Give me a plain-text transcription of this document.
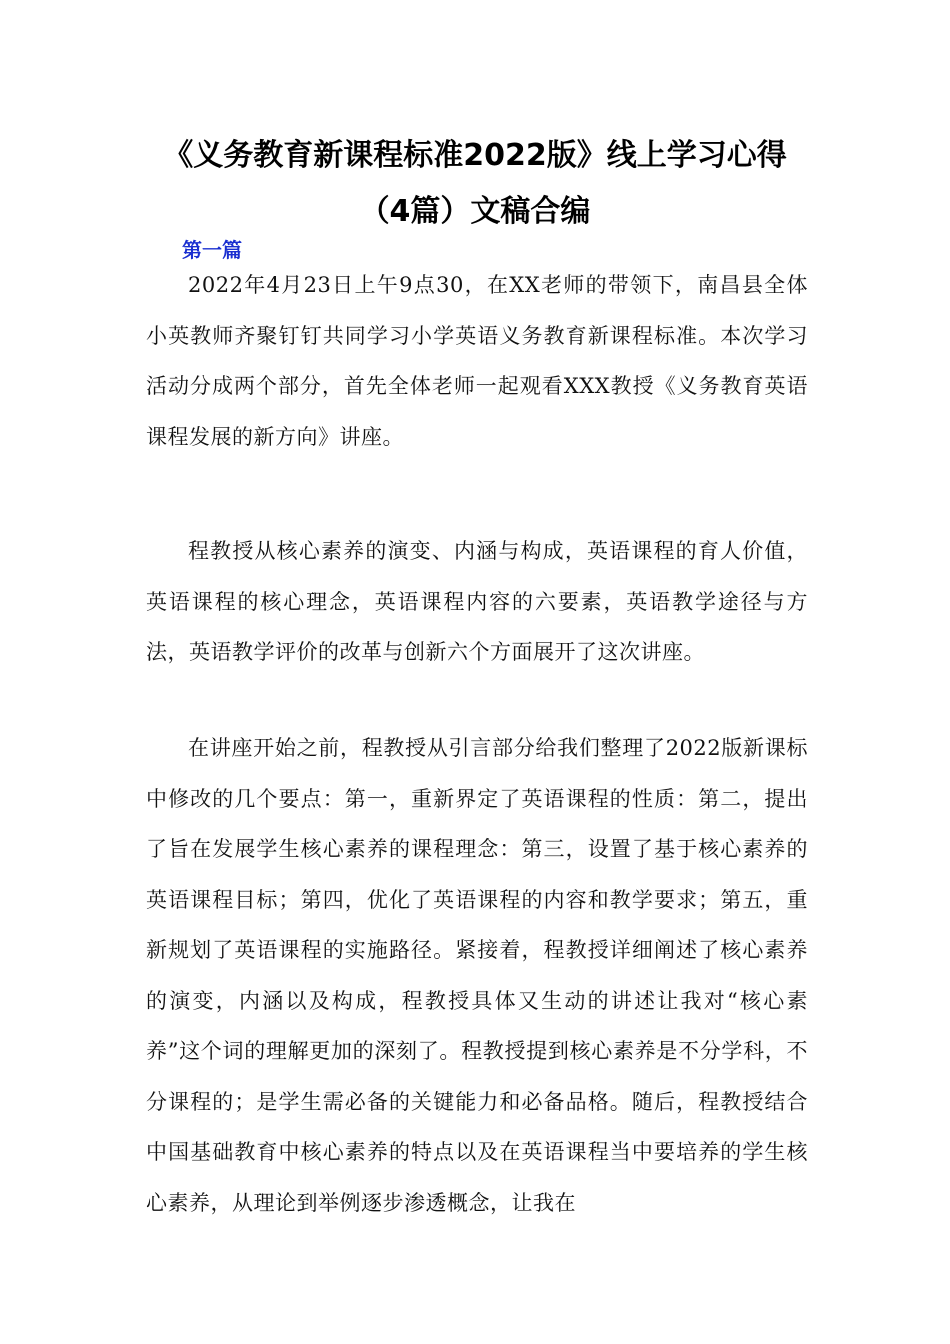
《义务教育新课程标准2022版》线上学习心得（4篇）文稿合编
第一篇

2022年4月23日上午9点30，在XX老师的带领下，南昌县全体小英教师齐聚钉钉共同学习小学英语义务教育新课程标准。本次学习活动分成两个部分，首先全体老师一起观看XXX教授《义务教育英语课程发展的新方向》讲座。

程教授从核心素养的演变、内涵与构成，英语课程的育人价值，英语课程的核心理念，英语课程内容的六要素，英语教学途径与方法，英语教学评价的改革与创新六个方面展开了这次讲座。

在讲座开始之前，程教授从引言部分给我们整理了2022版新课标中修改的几个要点：第一，重新界定了英语课程的性质：第二，提出了旨在发展学生核心素养的课程理念：第三，设置了基于核心素养的英语课程目标；第四，优化了英语课程的内容和教学要求；第五，重新规划了英语课程的实施路径。紧接着，程教授详细阐述了核心素养的演变，内涵以及构成，程教授具体又生动的讲述让我对“核心素养”这个词的理解更加的深刻了。程教授提到核心素养是不分学科，不分课程的；是学生需必备的关键能力和必备品格。随后，程教授结合中国基础教育中核心素养的特点以及在英语课程当中要培养的学生核心素养，从理论到举例逐步渗透概念，让我在
